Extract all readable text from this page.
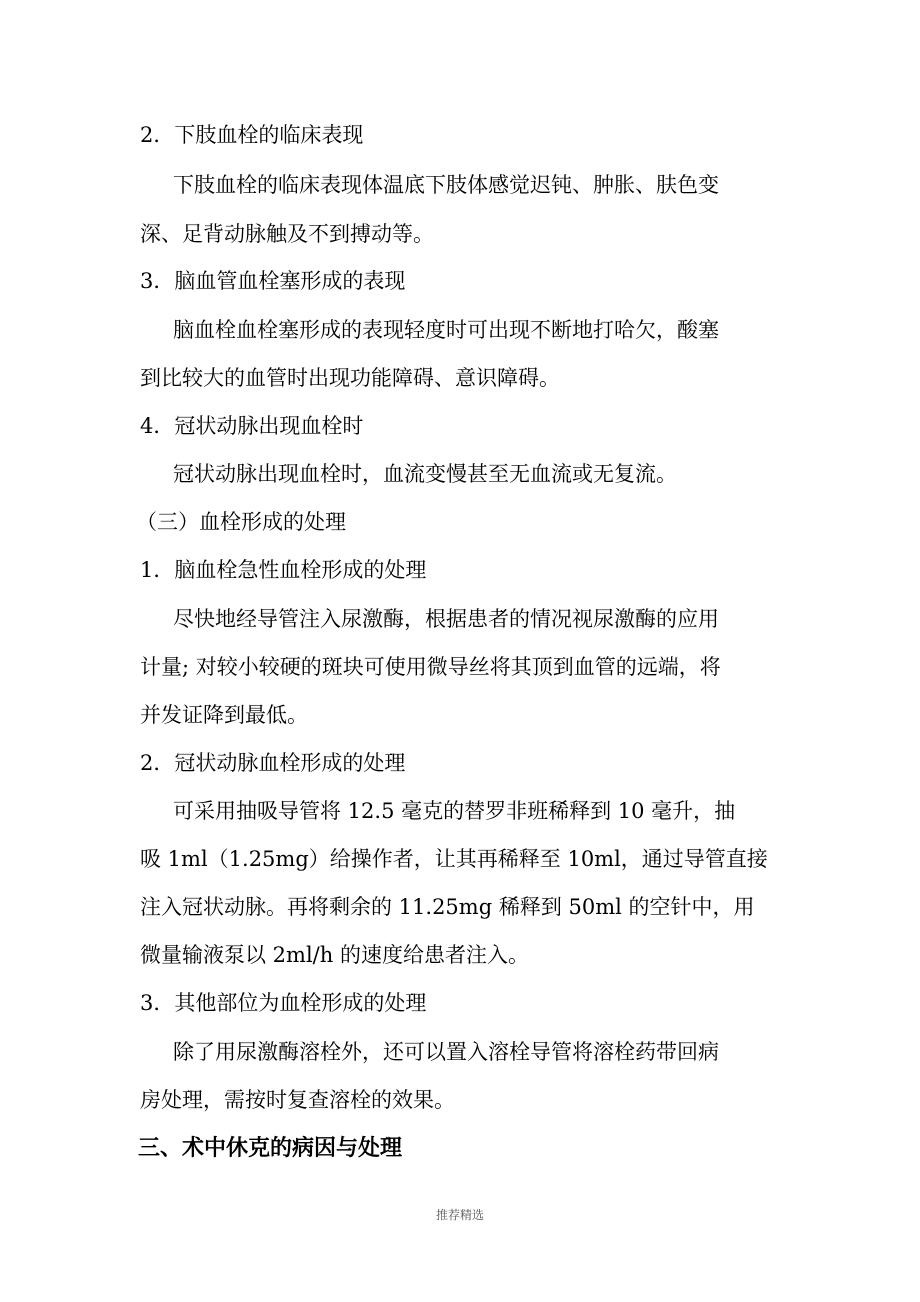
2．下肢血栓的临床表现
下肢血栓的临床表现体温底下肢体感觉迟钝、肿胀、肤色变
深、足背动脉触及不到搏动等。
3．脑血管血栓塞形成的表现
脑血栓血栓塞形成的表现轻度时可出现不断地打哈欠，酸塞
到比较大的血管时出现功能障碍、意识障碍。
4．冠状动脉出现血栓时
冠状动脉出现血栓时，血流变慢甚至无血流或无复流。
（三）血栓形成的处理
1．脑血栓急性血栓形成的处理
尽快地经导管注入尿激酶，根据患者的情况视尿激酶的应用
计量; 对较小较硬的斑块可使用微导丝将其顶到血管的远端，将
并发证降到最低。
2．冠状动脉血栓形成的处理
可采用抽吸导管将 12.5 毫克的替罗非班稀释到 10 毫升，抽
吸 1ml（1.25mg）给操作者，让其再稀释至 10ml，通过导管直接
注入冠状动脉。再将剩余的 11.25mg 稀释到 50ml 的空针中，用
微量输液泵以 2ml/h 的速度给患者注入。
3．其他部位为血栓形成的处理
除了用尿激酶溶栓外，还可以置入溶栓导管将溶栓药带回病
房处理，需按时复查溶栓的效果。
三、术中休克的病因与处理
推荐精选
